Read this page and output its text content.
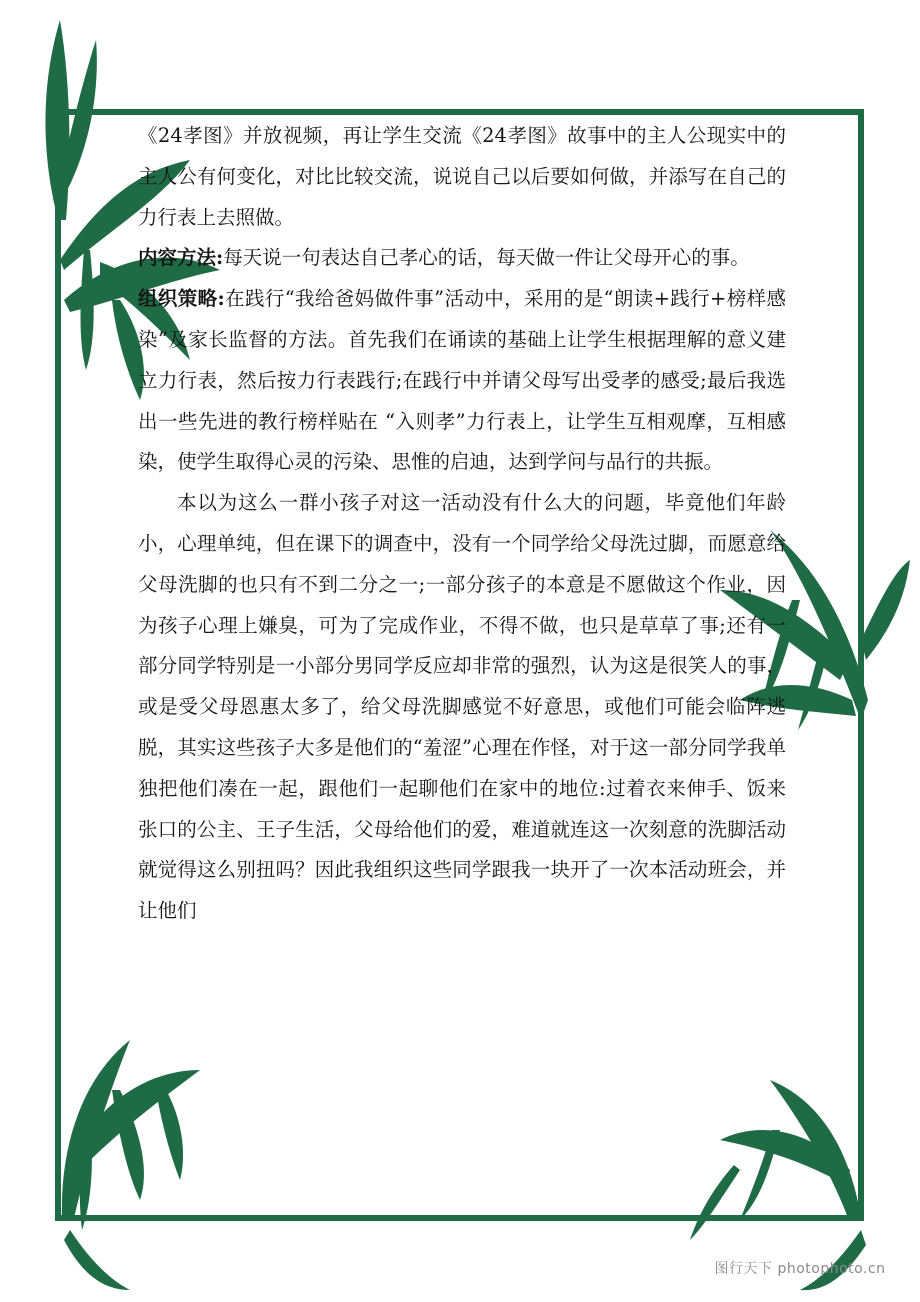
《24孝图》并放视频，再让学生交流《24孝图》故事中的主人公现实中的主人公有何变化，对比比较交流，说说自己以后要如何做，并添写在自己的力行表上去照做。

内容方法:每天说一句表达自己孝心的话，每天做一件让父母开心的事。

组织策略:在践行“我给爸妈做件事”活动中，采用的是“朗读+践行+榜样感染”及家长监督的方法。首先我们在诵读的基础上让学生根据理解的意义建立力行表，然后按力行表践行;在践行中并请父母写出受孝的感受;最后我选出一些先进的教行榜样贴在 “入则孝”力行表上，让学生互相观摩，互相感染，使学生取得心灵的污染、思惟的启迪，达到学问与品行的共振。

本以为这么一群小孩子对这一活动没有什么大的问题，毕竟他们年龄小，心理单纯，但在课下的调查中，没有一个同学给父母洗过脚，而愿意给父母洗脚的也只有不到二分之一;一部分孩子的本意是不愿做这个作业，因为孩子心理上嫌臭，可为了完成作业，不得不做，也只是草草了事;还有一部分同学特别是一小部分男同学反应却非常的强烈，认为这是很笑人的事，或是受父母恩惠太多了，给父母洗脚感觉不好意思，或他们可能会临阵逃脱，其实这些孩子大多是他们的“羞涩”心理在作怪，对于这一部分同学我单独把他们凑在一起，跟他们一起聊他们在家中的地位:过着衣来伸手、饭来张口的公主、王子生活，父母给他们的爱，难道就连这一次刻意的洗脚活动就觉得这么别扭吗？因此我组织这些同学跟我一块开了一次本活动班会，并让他们

图行天下 photophoto.cn
